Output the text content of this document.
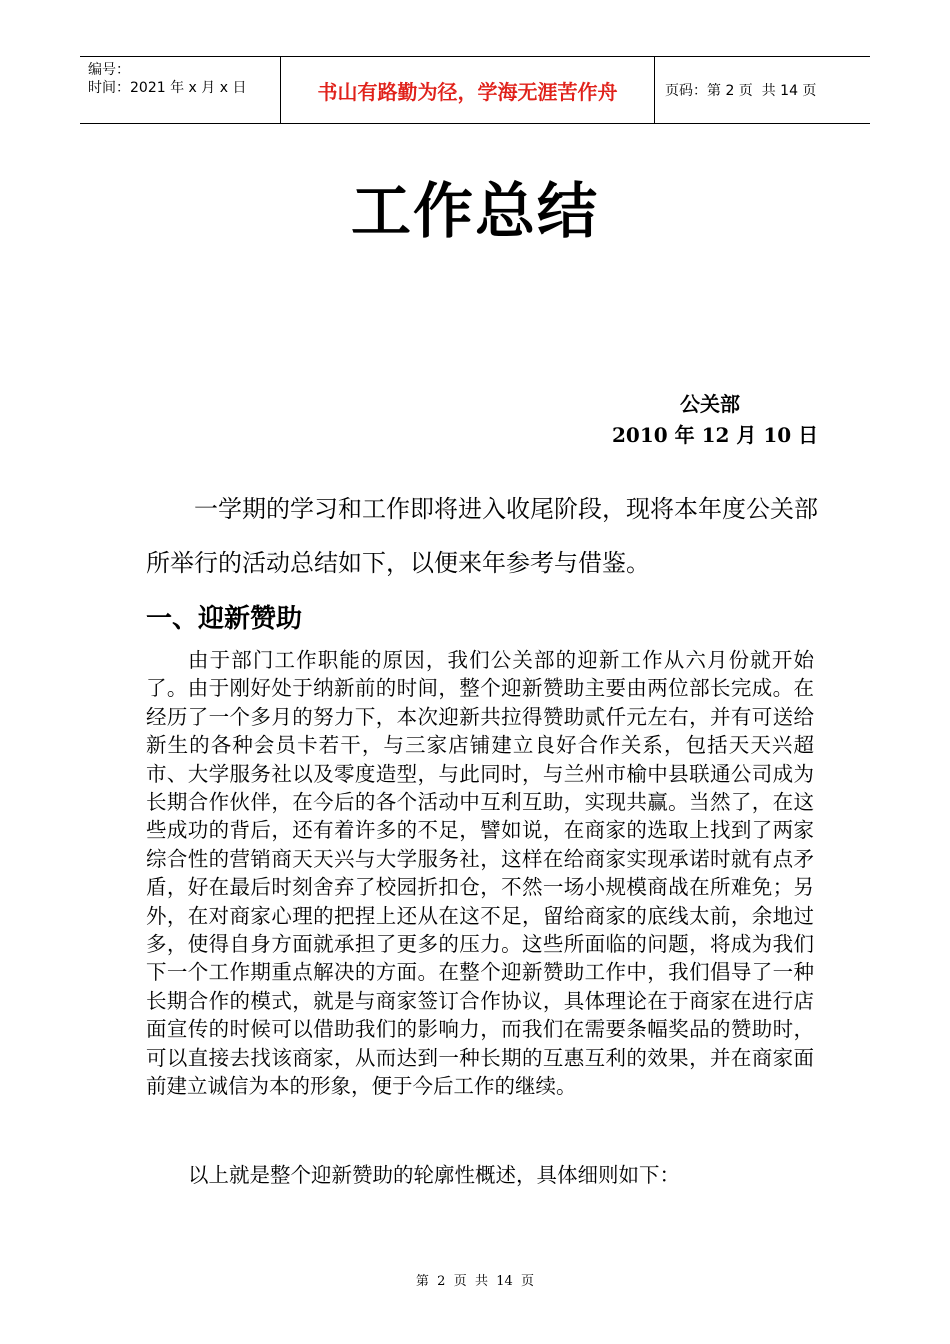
编号：
时间：2021 年 x 月 x 日	书山有路勤为径，学海无涯苦作舟	页码：第 2 页  共 14 页
工作总结
公关部
2010 年 12 月 10 日

一学期的学习和工作即将进入收尾阶段，现将本年度公关部所举行的活动总结如下，以便来年参考与借鉴。

一、迎新赞助

由于部门工作职能的原因，我们公关部的迎新工作从六月份就开始了。由于刚好处于纳新前的时间，整个迎新赞助主要由两位部长完成。在经历了一个多月的努力下，本次迎新共拉得赞助贰仟元左右，并有可送给新生的各种会员卡若干，与三家店铺建立良好合作关系，包括天天兴超市、大学服务社以及零度造型，与此同时，与兰州市榆中县联通公司成为长期合作伙伴，在今后的各个活动中互利互助，实现共赢。当然了，在这些成功的背后，还有着许多的不足，譬如说，在商家的选取上找到了两家综合性的营销商天天兴与大学服务社，这样在给商家实现承诺时就有点矛盾，好在最后时刻舍弃了校园折扣仓，不然一场小规模商战在所难免；另外，在对商家心理的把捏上还从在这不足，留给商家的底线太前，余地过多，使得自身方面就承担了更多的压力。这些所面临的问题，将成为我们下一个工作期重点解决的方面。在整个迎新赞助工作中，我们倡导了一种长期合作的模式，就是与商家签订合作协议，具体理论在于商家在进行店面宣传的时候可以借助我们的影响力，而我们在需要条幅奖品的赞助时，可以直接去找该商家，从而达到一种长期的互惠互利的效果，并在商家面前建立诚信为本的形象，便于今后工作的继续。

以上就是整个迎新赞助的轮廓性概述，具体细则如下：

第  2  页  共  14  页
